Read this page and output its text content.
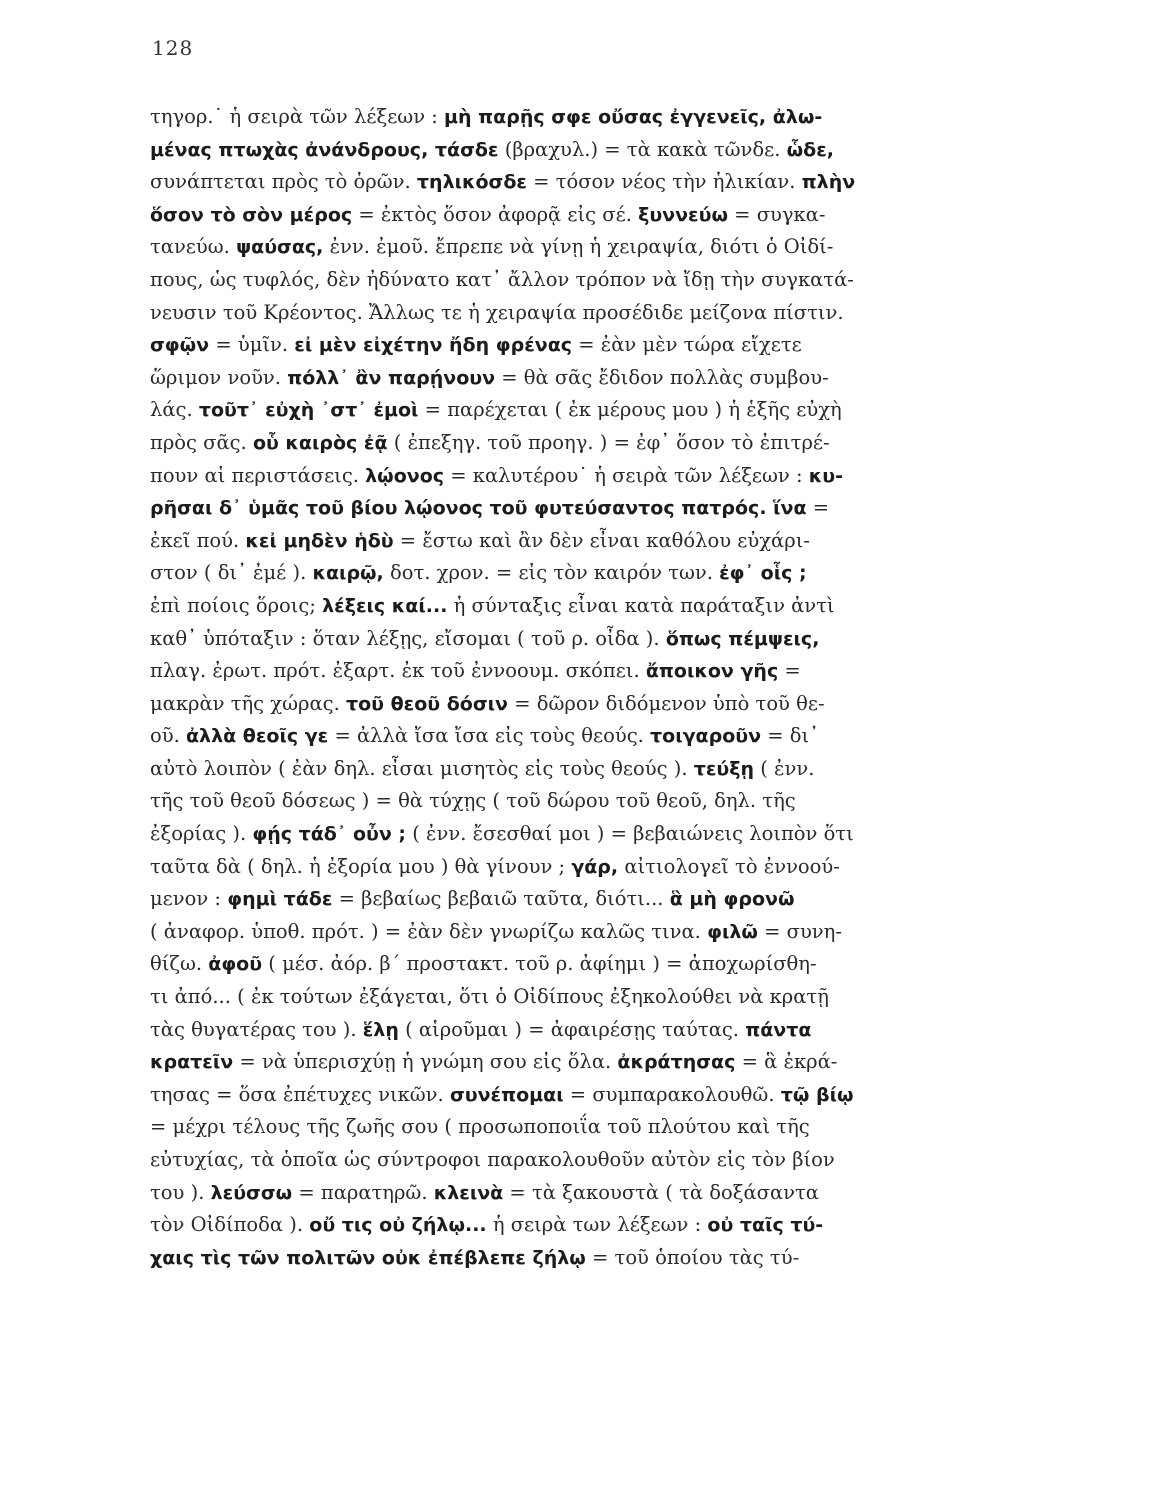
128
τηγορ.˙ ἡ σειρὰ τῶν λέξεων : μὴ παρῇς σφε οὔσας ἐγγενεῖς, ἀλω-
μένας πτωχὰς ἀνάνδρους, τάσδε (βραχυλ.) = τὰ κακὰ τῶνδε. ὧδε,
συνάπτεται πρὸς τὸ ὁρῶν. τηλικόσδε = τόσον νέος τὴν ἡλικίαν. πλὴν
ὅσον τὸ σὸν μέρος = ἐκτὸς ὅσον ἀφορᾷ εἰς σέ. ξυννεύω = συγκα-
τανεύω. ψαύσας, ἐνν. ἐμοῦ. ἔπρεπε νὰ γίνῃ ἡ χειραψία, διότι ὁ Οἰδί-
πους, ὡς τυφλός, δὲν ἠδύνατο κατ᾽ ἄλλον τρόπον νὰ ἴδῃ τὴν συγκατά-
νευσιν τοῦ Κρέοντος. Ἄλλως τε ἡ χειραψία προσέδιδε μείζονα πίστιν.
σφῷν = ὑμῖν. εἰ μὲν εἰχέτην ἤδη φρένας = ἐὰν μὲν τώρα εἴχετε
ὥριμον νοῦν. πόλλ᾽ ἂν παρῄνουν = θὰ σᾶς ἔδιδον πολλὰς συμβου-
λάς. τοῦτ᾽ εὐχὴ ᾽στ᾽ ἐμοὶ = παρέχεται ( ἐκ μέρους μου ) ἡ ἑξῆς εὐχὴ
πρὸς σᾶς. οὗ καιρὸς ἐᾷ ( ἐπεξηγ. τοῦ προηγ. ) = ἐφ᾽ ὅσον τὸ ἐπιτρέ-
πουν αἱ περιστάσεις. λῴονος = καλυτέρου˙ ἡ σειρὰ τῶν λέξεων : κυ-
ρῆσαι δ᾽ ὑμᾶς τοῦ βίου λῴονος τοῦ φυτεύσαντος πατρός. ἵνα =
ἐκεῖ πού. κεἰ μηδὲν ἡδὺ = ἔστω καὶ ἂν δὲν εἶναι καθόλου εὐχάρι-
στον ( δι᾽ ἐμέ ). καιρῷ, δοτ. χρον. = εἰς τὸν καιρόν των. ἐφ᾽ οἷς ;
ἐπὶ ποίοις ὅροις; λέξεις καί... ἡ σύνταξις εἶναι κατὰ παράταξιν ἀντὶ
καθ᾽ ὑπόταξιν : ὅταν λέξῃς, εἴσομαι ( τοῦ ρ. οἶδα ). ὅπως πέμψεις,
πλαγ. ἐρωτ. πρότ. ἐξαρτ. ἐκ τοῦ ἐννοουμ. σκόπει. ἄποικον γῆς =
μακρὰν τῆς χώρας. τοῦ θεοῦ δόσιν = δῶρον διδόμενον ὑπὸ τοῦ θε-
οῦ. ἀλλὰ θεοῖς γε = ἀλλὰ ἴσα ἴσα εἰς τοὺς θεούς. τοιγαροῦν = δι᾽
αὐτὸ λοιπὸν ( ἐὰν δηλ. εἶσαι μισητὸς εἰς τοὺς θεούς ). τεύξῃ ( ἐνν.
τῆς τοῦ θεοῦ δόσεως ) = θὰ τύχῃς ( τοῦ δώρου τοῦ θεοῦ, δηλ. τῆς
ἐξορίας ). φῄς τάδ᾽ οὖν ; ( ἐνν. ἔσεσθαί μοι ) = βεβαιώνεις λοιπὸν ὅτι
ταῦτα δὰ ( δηλ. ἡ ἐξορία μου ) θὰ γίνουν ; γάρ, αἰτιολογεῖ τὸ ἐννοού-
μενον : φημὶ τάδε = βεβαίως βεβαιῶ ταῦτα, διότι... ἃ μὴ φρονῶ
( ἀναφορ. ὑποθ. πρότ. ) = ἐὰν δὲν γνωρίζω καλῶς τινα. φιλῶ = συνη-
θίζω. ἀφοῦ ( μέσ. ἀόρ. β΄ προστακτ. τοῦ ρ. ἀφίημι ) = ἀποχωρίσθη-
τι ἀπό... ( ἐκ τούτων ἐξάγεται, ὅτι ὁ Οἰδίπους ἐξηκολούθει νὰ κρατῇ
τὰς θυγατέρας του ). ἕλῃ ( αἱροῦμαι ) = ἀφαιρέσῃς ταύτας. πάντα
κρατεῖν = νὰ ὑπερισχύῃ ἡ γνώμη σου εἰς ὅλα. ἀκράτησας = ἃ ἐκρά-
τησας = ὅσα ἐπέτυχες νικῶν. συνέπομαι = συμπαρακολουθῶ. τῷ βίῳ
= μέχρι τέλους τῆς ζωῆς σου ( προσωποποιΐα τοῦ πλούτου καὶ τῆς
εὐτυχίας, τὰ ὁποῖα ὡς σύντροφοι παρακολουθοῦν αὐτὸν εἰς τὸν βίον
του ). λεύσσω = παρατηρῶ. κλεινὰ = τὰ ξακουστὰ ( τὰ δοξάσαντα
τὸν Οἰδίποδα ). οὔ τις οὐ ζήλῳ... ἡ σειρὰ των λέξεων : οὐ ταῖς τύ-
χαις τὶς τῶν πολιτῶν οὐκ ἐπέβλεπε ζήλῳ = τοῦ ὁποίου τὰς τύ-
